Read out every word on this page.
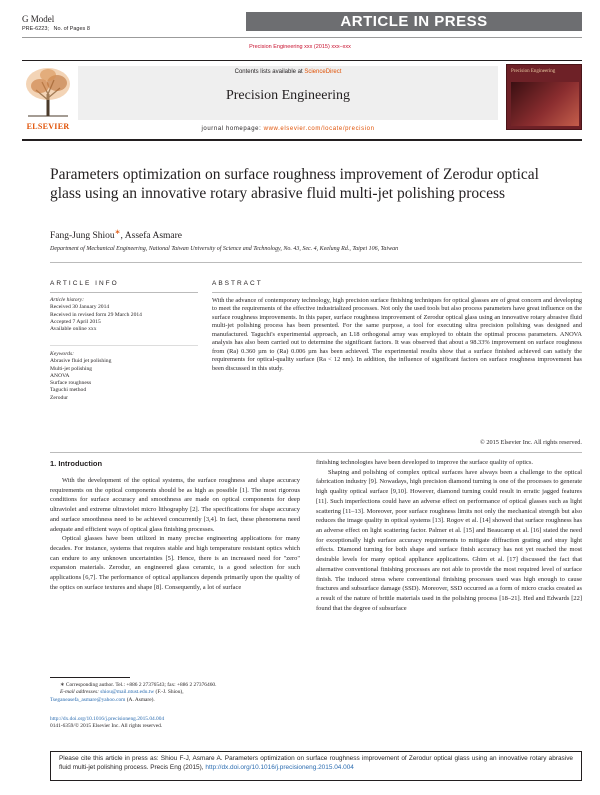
G Model
PRE-6223; No. of Pages 8	ARTICLE IN PRESS
Precision Engineering xxx (2015) xxx–xxx
ELSEVIER
Contents lists available at ScienceDirect
Precision Engineering
journal homepage: www.elsevier.com/locate/precision
Precision Engineering
Parameters optimization on surface roughness improvement of Zerodur optical glass using an innovative rotary abrasive fluid multi-jet polishing process
Fang-Jung Shiou∗, Assefa Asmare
Department of Mechanical Engineering, National Taiwan University of Science and Technology, No. 43, Sec. 4, Keelung Rd., Taipei 106, Taiwan
ARTICLE INFO
Article history:
Received 30 January 2014
Received in revised form 29 March 2014
Accepted 7 April 2015
Available online xxx
Keywords:
Abrasive fluid jet polishing
Multi-jet polishing
ANOVA
Surface roughness
Taguchi method
Zerodur
ABSTRACT
With the advance of contemporary technology, high precision surface finishing techniques for optical glasses are of great concern and developing to meet the requirements of the effective industrialized processes. Not only the used tools but also process parameters have great influence on the surface roughness improvements. In this paper, surface roughness improvement of Zerodur optical glass using an innovative rotary abrasive fluid multi-jet polishing process has been presented. For the same purpose, a tool for executing ultra precision polishing was designed and manufactured. Taguchi's experimental approach, an L18 orthogonal array was employed to obtain the optimal process parameters. ANOVA analysis has also been carried out to determine the significant factors. It was observed that about a 98.33% improvement on surface roughness from (Ra) 0.360 µm to (Ra) 0.006 µm has been achieved. The experimental results show that a surface finished achieved can satisfy the requirements for optical-quality surface (Ra < 12 nm). In addition, the influence of significant factors on surface roughness improvement has been discussed in this study.
© 2015 Elsevier Inc. All rights reserved.
1. Introduction

With the development of the optical systems, the surface roughness and shape accuracy requirements on the optical components should be as high as possible [1]. The most rigorous conditions for surface accuracy and smoothness are made on optical components for deep ultraviolet and extreme ultraviolet micro lithography [2]. The specifications for shape accuracy and surface smoothness need to be achieved concurrently [3,4]. In fact, these phenomena need adequate and efficient ways of optical glass finishing processes.

Optical glasses have been utilized in many precise engineering applications for many decades. For instance, systems that requires stable and high temperature resistant optics which can endure to any unknown uncertainties [5]. Hence, there is an increased need for "zero" expansion materials. Zerodur, an engineered glass ceramic, is a good selection for such applications [6,7]. The performance of optical appliances depends primarily upon the quality of the optics on surface textures and shape [8]. Consequently, a lot of surface

finishing technologies have been developed to improve the surface quality of optics.

Shaping and polishing of complex optical surfaces have always been a challenge to the optical fabrication industry [9]. Nowadays, high precision diamond turning is one of the processes to generate high quality optical surface [9,10]. However, diamond turning could result in erratic jagged features [11]. Such imperfections could have an adverse effect on performance of optical glasses such as light scattering [11–13]. Moreover, poor surface roughness limits not only the mechanical strength but also reduces the image quality in optical systems [13]. Rogov et al. [14] showed that surface roughness has an adverse effect on light scattering factor. Palmer et al. [15] and Beaucamp et al. [16] stated the need for exceptionally high surface accuracy requirements to mitigate diffraction grating and stray light effects. Diamond turning for both shape and surface finish accuracy has not yet reached the most desirable levels for many optical appliance applications. Ghim et al. [17] discussed the fact that alternative conventional finishing processes are not able to provide the most required level of surface finish. The induced stress where conventional finishing processes used was high enough to cause fractures and subsurface damage (SSD). Moreover, SSD occurred as a form of micro cracks created as a result of the nature of brittle materials used in the polishing process [18–21]. Hed and Edwards [22] found that the degree of subsurface

∗ Corresponding author. Tel.: +886 2 27376543; fax: +886 2 27376460.
E-mail addresses: shiou@mail.ntust.edu.tw (F.-J. Shiou),
Tseganeasefa_asmare@yahoo.com (A. Asmare).
http://dx.doi.org/10.1016/j.precisioneng.2015.04.004
0141-6359/© 2015 Elsevier Inc. All rights reserved.
Please cite this article in press as: Shiou F-J, Asmare A. Parameters optimization on surface roughness improvement of Zerodur optical glass using an innovative rotary abrasive fluid multi-jet polishing process. Precis Eng (2015), http://dx.doi.org/10.1016/j.precisioneng.2015.04.004
